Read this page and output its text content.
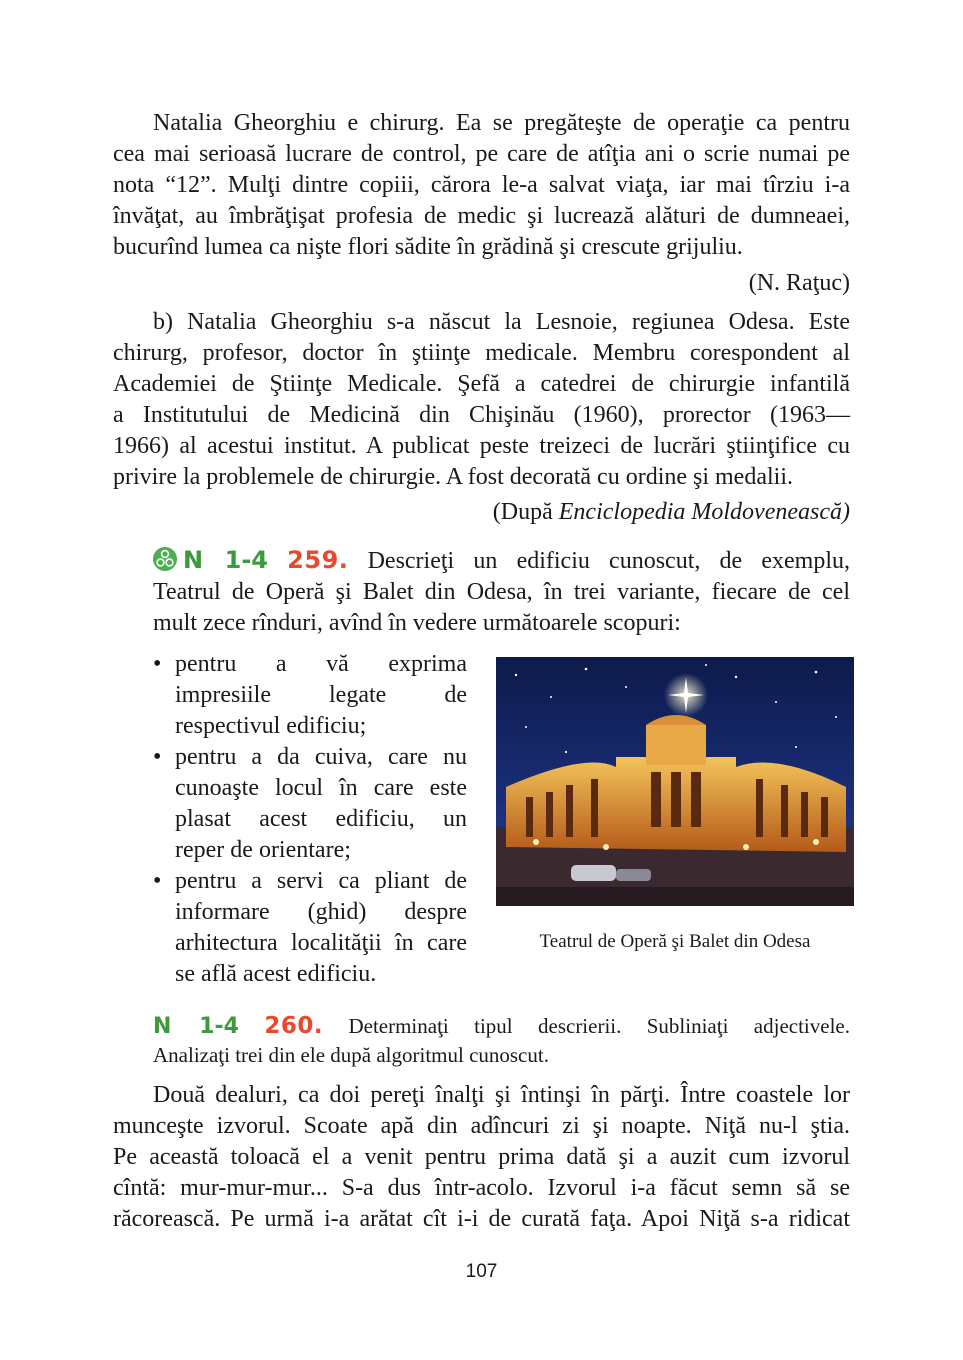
Natalia Gheorghiu e chirurg. Ea se pregăteşte de operaţie ca pentru
cea mai serioasă lucrare de control, pe care de atîţia ani o scrie numai pe
nota “12”. Mulţi dintre copiii, cărora le-a salvat viaţa, iar mai tîrziu i-a
învăţat, au îmbrăţişat profesia de medic şi lucrează alături de dumneaei,
bucurînd lumea ca nişte flori sădite în grădină şi crescute grijuliu.
(N. Raţuc)
b) Natalia Gheorghiu s-a născut la Lesnoie, regiunea Odesa. Este
chirurg, profesor, doctor în ştiinţe medicale. Membru corespondent al
Academiei de Ştiinţe Medicale. Şefă a catedrei de chirurgie infantilă
a Institutului de Medicină din Chişinău (1960), prorector (1963—
1966) al acestui institut. A publicat peste treizeci de lucrări ştiinţifice cu
privire la problemele de chirurgie. A fost decorată cu ordine şi medalii.
(După Enciclopedia Moldovenească)
N 1-4 259. Descrieţi un edificiu cunoscut, de exemplu,
Teatrul de Operă şi Balet din Odesa, în trei variante, fiecare de cel
mult zece rînduri, avînd în vedere următoarele scopuri:
• pentru a vă exprima
impresiile legate de
respectivul edificiu;
• pentru a da cuiva, care nu
cunoaşte locul în care este
plasat acest edificiu, un
reper de orientare;
• pentru a servi ca pliant de
informare (ghid) despre
arhitectura localităţii în care
se află acest edificiu.
Teatrul de Operă şi Balet din Odesa
N 1-4 260. Determinaţi tipul descrierii. Subliniaţi adjectivele.
Analizaţi trei din ele după algoritmul cunoscut.
Două dealuri, ca doi pereţi înalţi şi întinşi în părţi. Între coastele lor
munceşte izvorul. Scoate apă din adîncuri zi şi noapte. Niţă nu-l ştia.
Pe această toloacă el a venit pentru prima dată şi a auzit cum izvorul
cîntă: mur-mur-mur... S-a dus într-acolo. Izvorul i-a făcut semn să se
răcorească. Pe urmă i-a arătat cît i-i de curată faţa. Apoi Niţă s-a ridicat
107
